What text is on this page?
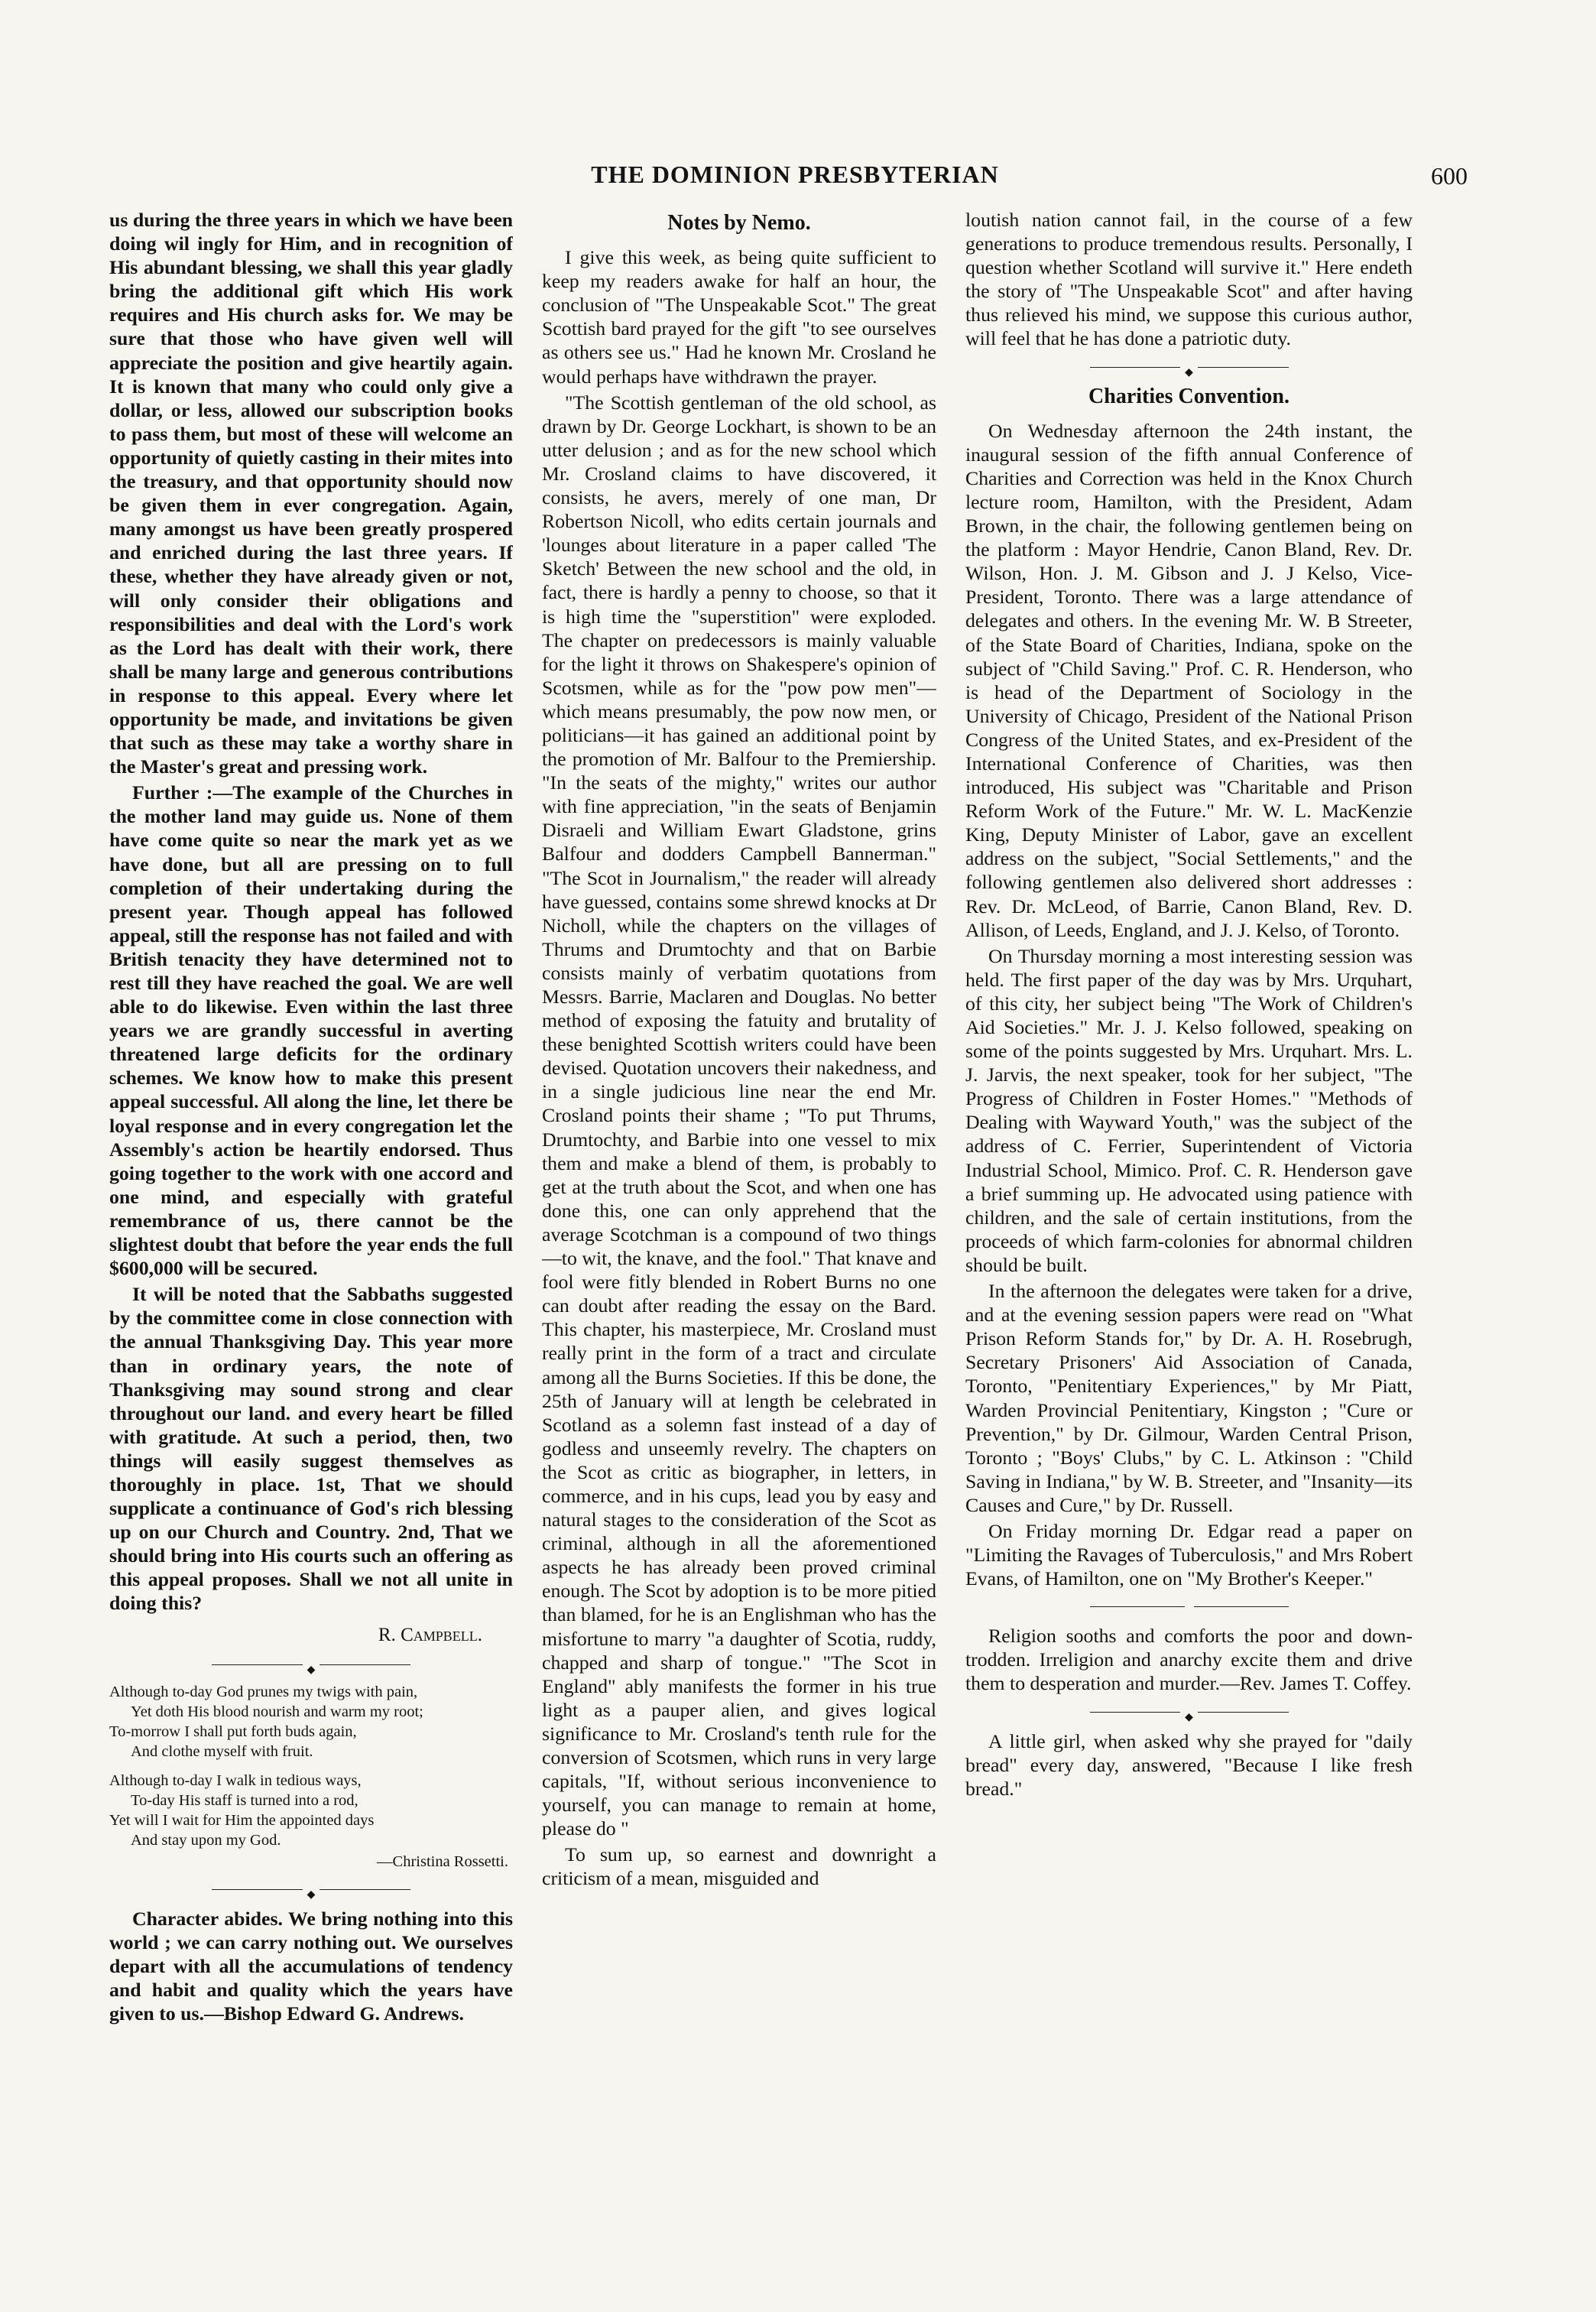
THE DOMINION PRESBYTERIAN	600

us during the three years in which we have been doing wil ingly for Him, and in recognition of His abundant blessing, we shall this year gladly bring the additional gift which His work requires and His church asks for. We may be sure that those who have given well will appreciate the position and give heartily again. It is known that many who could only give a dollar, or less, allowed our subscription books to pass them, but most of these will welcome an opportunity of quietly casting in their mites into the treasury, and that opportunity should now be given them in ever congregation. Again, many amongst us have been greatly prospered and enriched during the last three years. If these, whether they have already given or not, will only consider their obligations and responsibilities and deal with the Lord's work as the Lord has dealt with their work, there shall be many large and generous contributions in response to this appeal. Every where let opportunity be made, and invitations be given that such as these may take a worthy share in the Master's great and pressing work.

Further :—The example of the Churches in the mother land may guide us. None of them have come quite so near the mark yet as we have done, but all are pressing on to full completion of their undertaking during the present year. Though appeal has followed appeal, still the response has not failed and with British tenacity they have determined not to rest till they have reached the goal. We are well able to do likewise. Even within the last three years we are grandly successful in averting threatened large deficits for the ordinary schemes. We know how to make this present appeal successful. All along the line, let there be loyal response and in every congregation let the Assembly's action be heartily endorsed. Thus going together to the work with one accord and one mind, and especially with grateful remembrance of us, there cannot be the slightest doubt that before the year ends the full $600,000 will be secured.

It will be noted that the Sabbaths suggested by the committee come in close connection with the annual Thanksgiving Day. This year more than in ordinary years, the note of Thanksgiving may sound strong and clear throughout our land. and every heart be filled with gratitude. At such a period, then, two things will easily suggest themselves as thoroughly in place. 1st, That we should supplicate a continuance of God's rich blessing up on our Church and Country. 2nd, That we should bring into His courts such an offering as this appeal proposes. Shall we not all unite in doing this?

R. Campbell.
◆
Although to-day God prunes my twigs with pain,
Yet doth His blood nourish and warm my root;
To-morrow I shall put forth buds again,
And clothe myself with fruit.
Although to-day I walk in tedious ways,
To-day His staff is turned into a rod,
Yet will I wait for Him the appointed days
And stay upon my God.
—Christina Rossetti.
◆

Character abides. We bring nothing into this world ; we can carry nothing out. We ourselves depart with all the accumulations of tendency and habit and quality which the years have given to us.—Bishop Edward G. Andrews.

Notes by Nemo.

I give this week, as being quite sufficient to keep my readers awake for half an hour, the conclusion of "The Unspeakable Scot." The great Scottish bard prayed for the gift "to see ourselves as others see us." Had he known Mr. Crosland he would perhaps have withdrawn the prayer.

"The Scottish gentleman of the old school, as drawn by Dr. George Lockhart, is shown to be an utter delusion ; and as for the new school which Mr. Crosland claims to have discovered, it consists, he avers, merely of one man, Dr Robertson Nicoll, who edits certain journals and 'lounges about literature in a paper called 'The Sketch' Between the new school and the old, in fact, there is hardly a penny to choose, so that it is high time the "superstition" were exploded. The chapter on predecessors is mainly valuable for the light it throws on Shakespere's opinion of Scotsmen, while as for the "pow pow men"—which means presumably, the pow now men, or politicians—it has gained an additional point by the promotion of Mr. Balfour to the Premiership. "In the seats of the mighty," writes our author with fine appreciation, "in the seats of Benjamin Disraeli and William Ewart Gladstone, grins Balfour and dodders Campbell Bannerman." "The Scot in Journalism," the reader will already have guessed, contains some shrewd knocks at Dr Nicholl, while the chapters on the villages of Thrums and Drumtochty and that on Barbie consists mainly of verbatim quotations from Messrs. Barrie, Maclaren and Douglas. No better method of exposing the fatuity and brutality of these benighted Scottish writers could have been devised. Quotation uncovers their nakedness, and in a single judicious line near the end Mr. Crosland points their shame ; "To put Thrums, Drumtochty, and Barbie into one vessel to mix them and make a blend of them, is probably to get at the truth about the Scot, and when one has done this, one can only apprehend that the average Scotchman is a compound of two things—to wit, the knave, and the fool." That knave and fool were fitly blended in Robert Burns no one can doubt after reading the essay on the Bard. This chapter, his masterpiece, Mr. Crosland must really print in the form of a tract and circulate among all the Burns Societies. If this be done, the 25th of January will at length be celebrated in Scotland as a solemn fast instead of a day of godless and unseemly revelry. The chapters on the Scot as critic as biographer, in letters, in commerce, and in his cups, lead you by easy and natural stages to the consideration of the Scot as criminal, although in all the aforementioned aspects he has already been proved criminal enough. The Scot by adoption is to be more pitied than blamed, for he is an Englishman who has the misfortune to marry "a daughter of Scotia, ruddy, chapped and sharp of tongue." "The Scot in England" ably manifests the former in his true light as a pauper alien, and gives logical significance to Mr. Crosland's tenth rule for the conversion of Scotsmen, which runs in very large capitals, "If, without serious inconvenience to yourself, you can manage to remain at home, please do "

To sum up, so earnest and downright a criticism of a mean, misguided and

loutish nation cannot fail, in the course of a few generations to produce tremendous results. Personally, I question whether Scotland will survive it." Here endeth the story of "The Unspeakable Scot" and after having thus relieved his mind, we suppose this curious author, will feel that he has done a patriotic duty.

◆
Charities Convention.

On Wednesday afternoon the 24th instant, the inaugural session of the fifth annual Conference of Charities and Correction was held in the Knox Church lecture room, Hamilton, with the President, Adam Brown, in the chair, the following gentlemen being on the platform : Mayor Hendrie, Canon Bland, Rev. Dr. Wilson, Hon. J. M. Gibson and J. J Kelso, Vice-President, Toronto. There was a large attendance of delegates and others. In the evening Mr. W. B Streeter, of the State Board of Charities, Indiana, spoke on the subject of "Child Saving." Prof. C. R. Henderson, who is head of the Department of Sociology in the University of Chicago, President of the National Prison Congress of the United States, and ex-President of the International Conference of Charities, was then introduced, His subject was "Charitable and Prison Reform Work of the Future." Mr. W. L. MacKenzie King, Deputy Minister of Labor, gave an excellent address on the subject, "Social Settlements," and the following gentlemen also delivered short addresses : Rev. Dr. McLeod, of Barrie, Canon Bland, Rev. D. Allison, of Leeds, England, and J. J. Kelso, of Toronto.

On Thursday morning a most interesting session was held. The first paper of the day was by Mrs. Urquhart, of this city, her subject being "The Work of Children's Aid Societies." Mr. J. J. Kelso followed, speaking on some of the points suggested by Mrs. Urquhart. Mrs. L. J. Jarvis, the next speaker, took for her subject, "The Progress of Children in Foster Homes." "Methods of Dealing with Wayward Youth," was the subject of the address of C. Ferrier, Superintendent of Victoria Industrial School, Mimico. Prof. C. R. Henderson gave a brief summing up. He advocated using patience with children, and the sale of certain institutions, from the proceeds of which farm-colonies for abnormal children should be built.

In the afternoon the delegates were taken for a drive, and at the evening session papers were read on "What Prison Reform Stands for," by Dr. A. H. Rosebrugh, Secretary Prisoners' Aid Association of Canada, Toronto, "Penitentiary Experiences," by Mr Piatt, Warden Provincial Penitentiary, Kingston ; "Cure or Prevention," by Dr. Gilmour, Warden Central Prison, Toronto ; "Boys' Clubs," by C. L. Atkinson : "Child Saving in Indiana," by W. B. Streeter, and "Insanity—its Causes and Cure," by Dr. Russell.

On Friday morning Dr. Edgar read a paper on "Limiting the Ravages of Tuberculosis," and Mrs Robert Evans, of Hamilton, one on "My Brother's Keeper."

Religion sooths and comforts the poor and down-trodden. Irreligion and anarchy excite them and drive them to desperation and murder.—Rev. James T. Coffey.

◆

A little girl, when asked why she prayed for "daily bread" every day, answered, "Because I like fresh bread."
